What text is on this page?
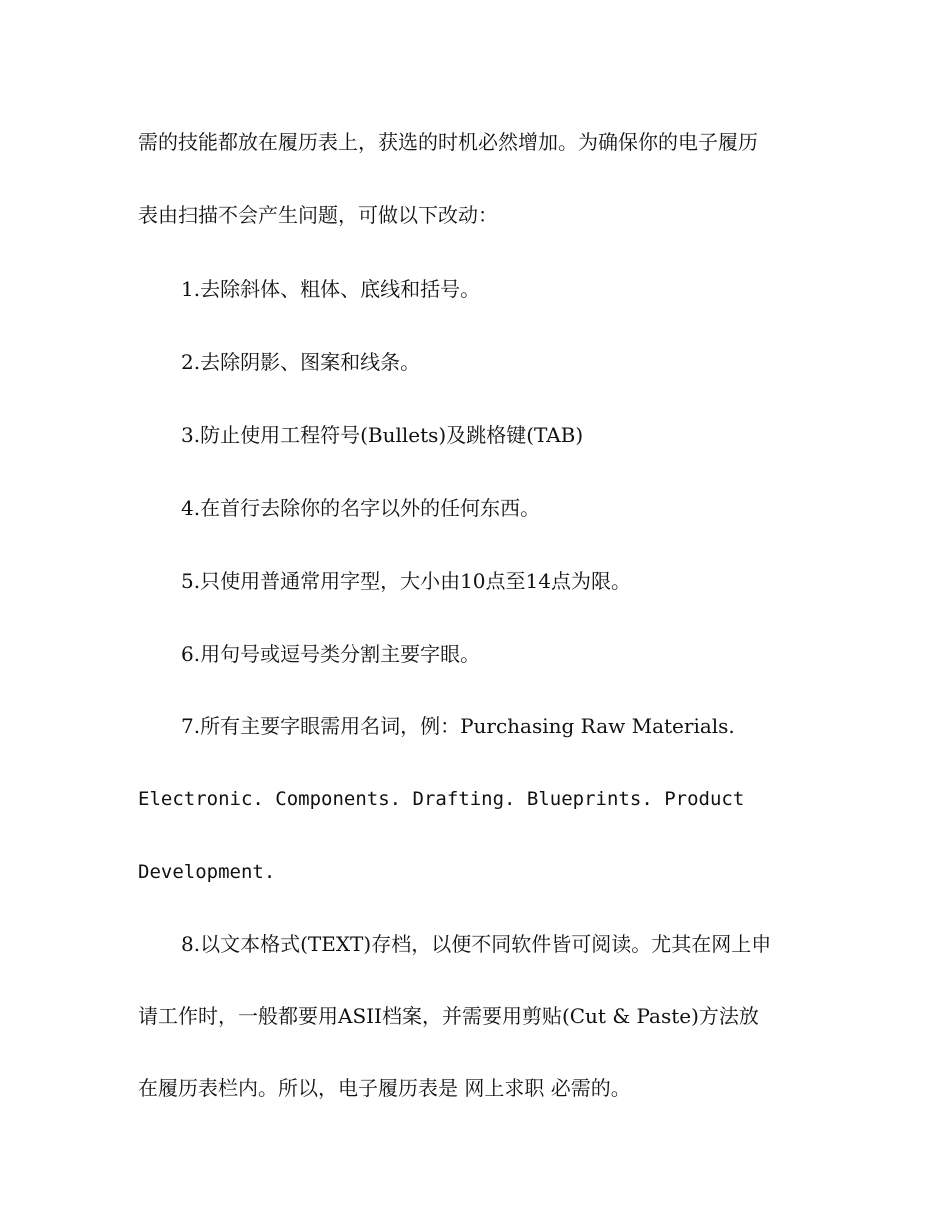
需的技能都放在履历表上，获选的时机必然增加。为确保你的电子履历
表由扫描不会产生问题，可做以下改动：
1.去除斜体、粗体、底线和括号。
2.去除阴影、图案和线条。
3.防止使用工程符号(Bullets)及跳格键(TAB)
4.在首行去除你的名字以外的任何东西。
5.只使用普通常用字型，大小由10点至14点为限。
6.用句号或逗号类分割主要字眼。
7.所有主要字眼需用名词，例：Purchasing Raw Materials.
Electronic. Components. Drafting. Blueprints. Product
Development.
8.以文本格式(TEXT)存档，以便不同软件皆可阅读。尤其在网上申
请工作时，一般都要用ASII档案，并需要用剪贴(Cut & Paste)方法放
在履历表栏内。所以，电子履历表是 网上求职 必需的。
